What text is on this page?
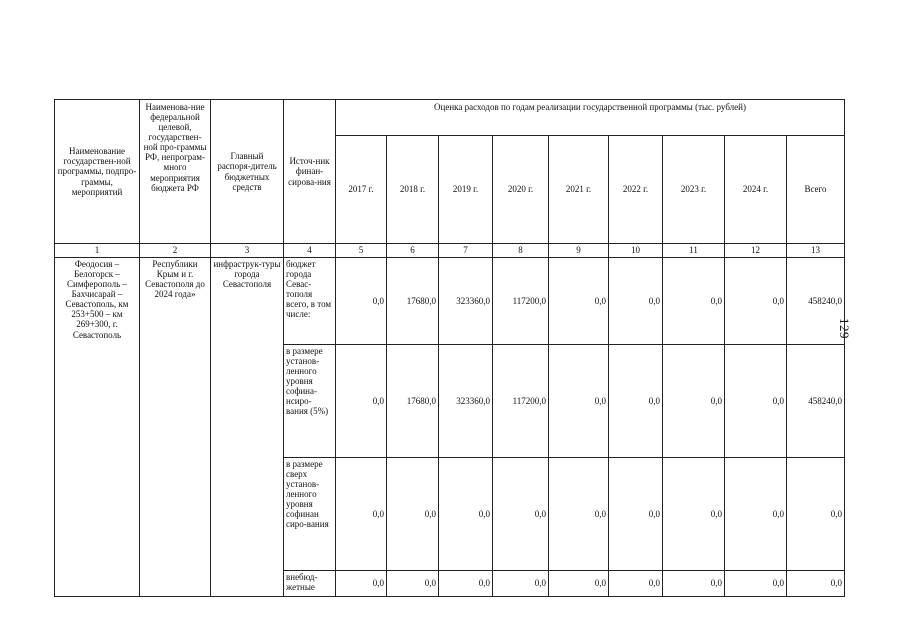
129
Наименование государствен-ной программы, подпро-граммы, мероприятий	Наименова-ние федеральной целевой, государствен-ной про-граммы РФ, непрограм-много мероприятия бюджета РФ	Главный распоря-дитель бюджетных средств	Источ-ник финан-сирова-ния	Оценка расходов по годам реализации государственной программы (тыс. рублей)								
				2017 г.	2018 г.	2019 г.	2020 г.	2021 г.	2022 г.	2023 г.	2024 г.	Всего
1	2	3	4	5	6	7	8	9	10	11	12	13
Феодосия – Белогорск – Симферополь – Бахчисарай – Севастополь, км 253+500 – км 269+300, г. Севастополь	Республики Крым и г. Севастополя до 2024 года»	инфраструк-туры города Севастополя	бюджет города Севас-тополя всего, в том числе:	0,0	17680,0	323360,0	117200,0	0,0	0,0	0,0	0,0	458240,0
			в размере установ-ленного уровня софина-нсиро-вания (5%)	0,0	17680,0	323360,0	117200,0	0,0	0,0	0,0	0,0	458240,0
			в размере сверх установ-ленного уровня софинан сиро-вания	0,0	0,0	0,0	0,0	0,0	0,0	0,0	0,0	0,0
			внебюд-жетные	0,0	0,0	0,0	0,0	0,0	0,0	0,0	0,0	0,0
